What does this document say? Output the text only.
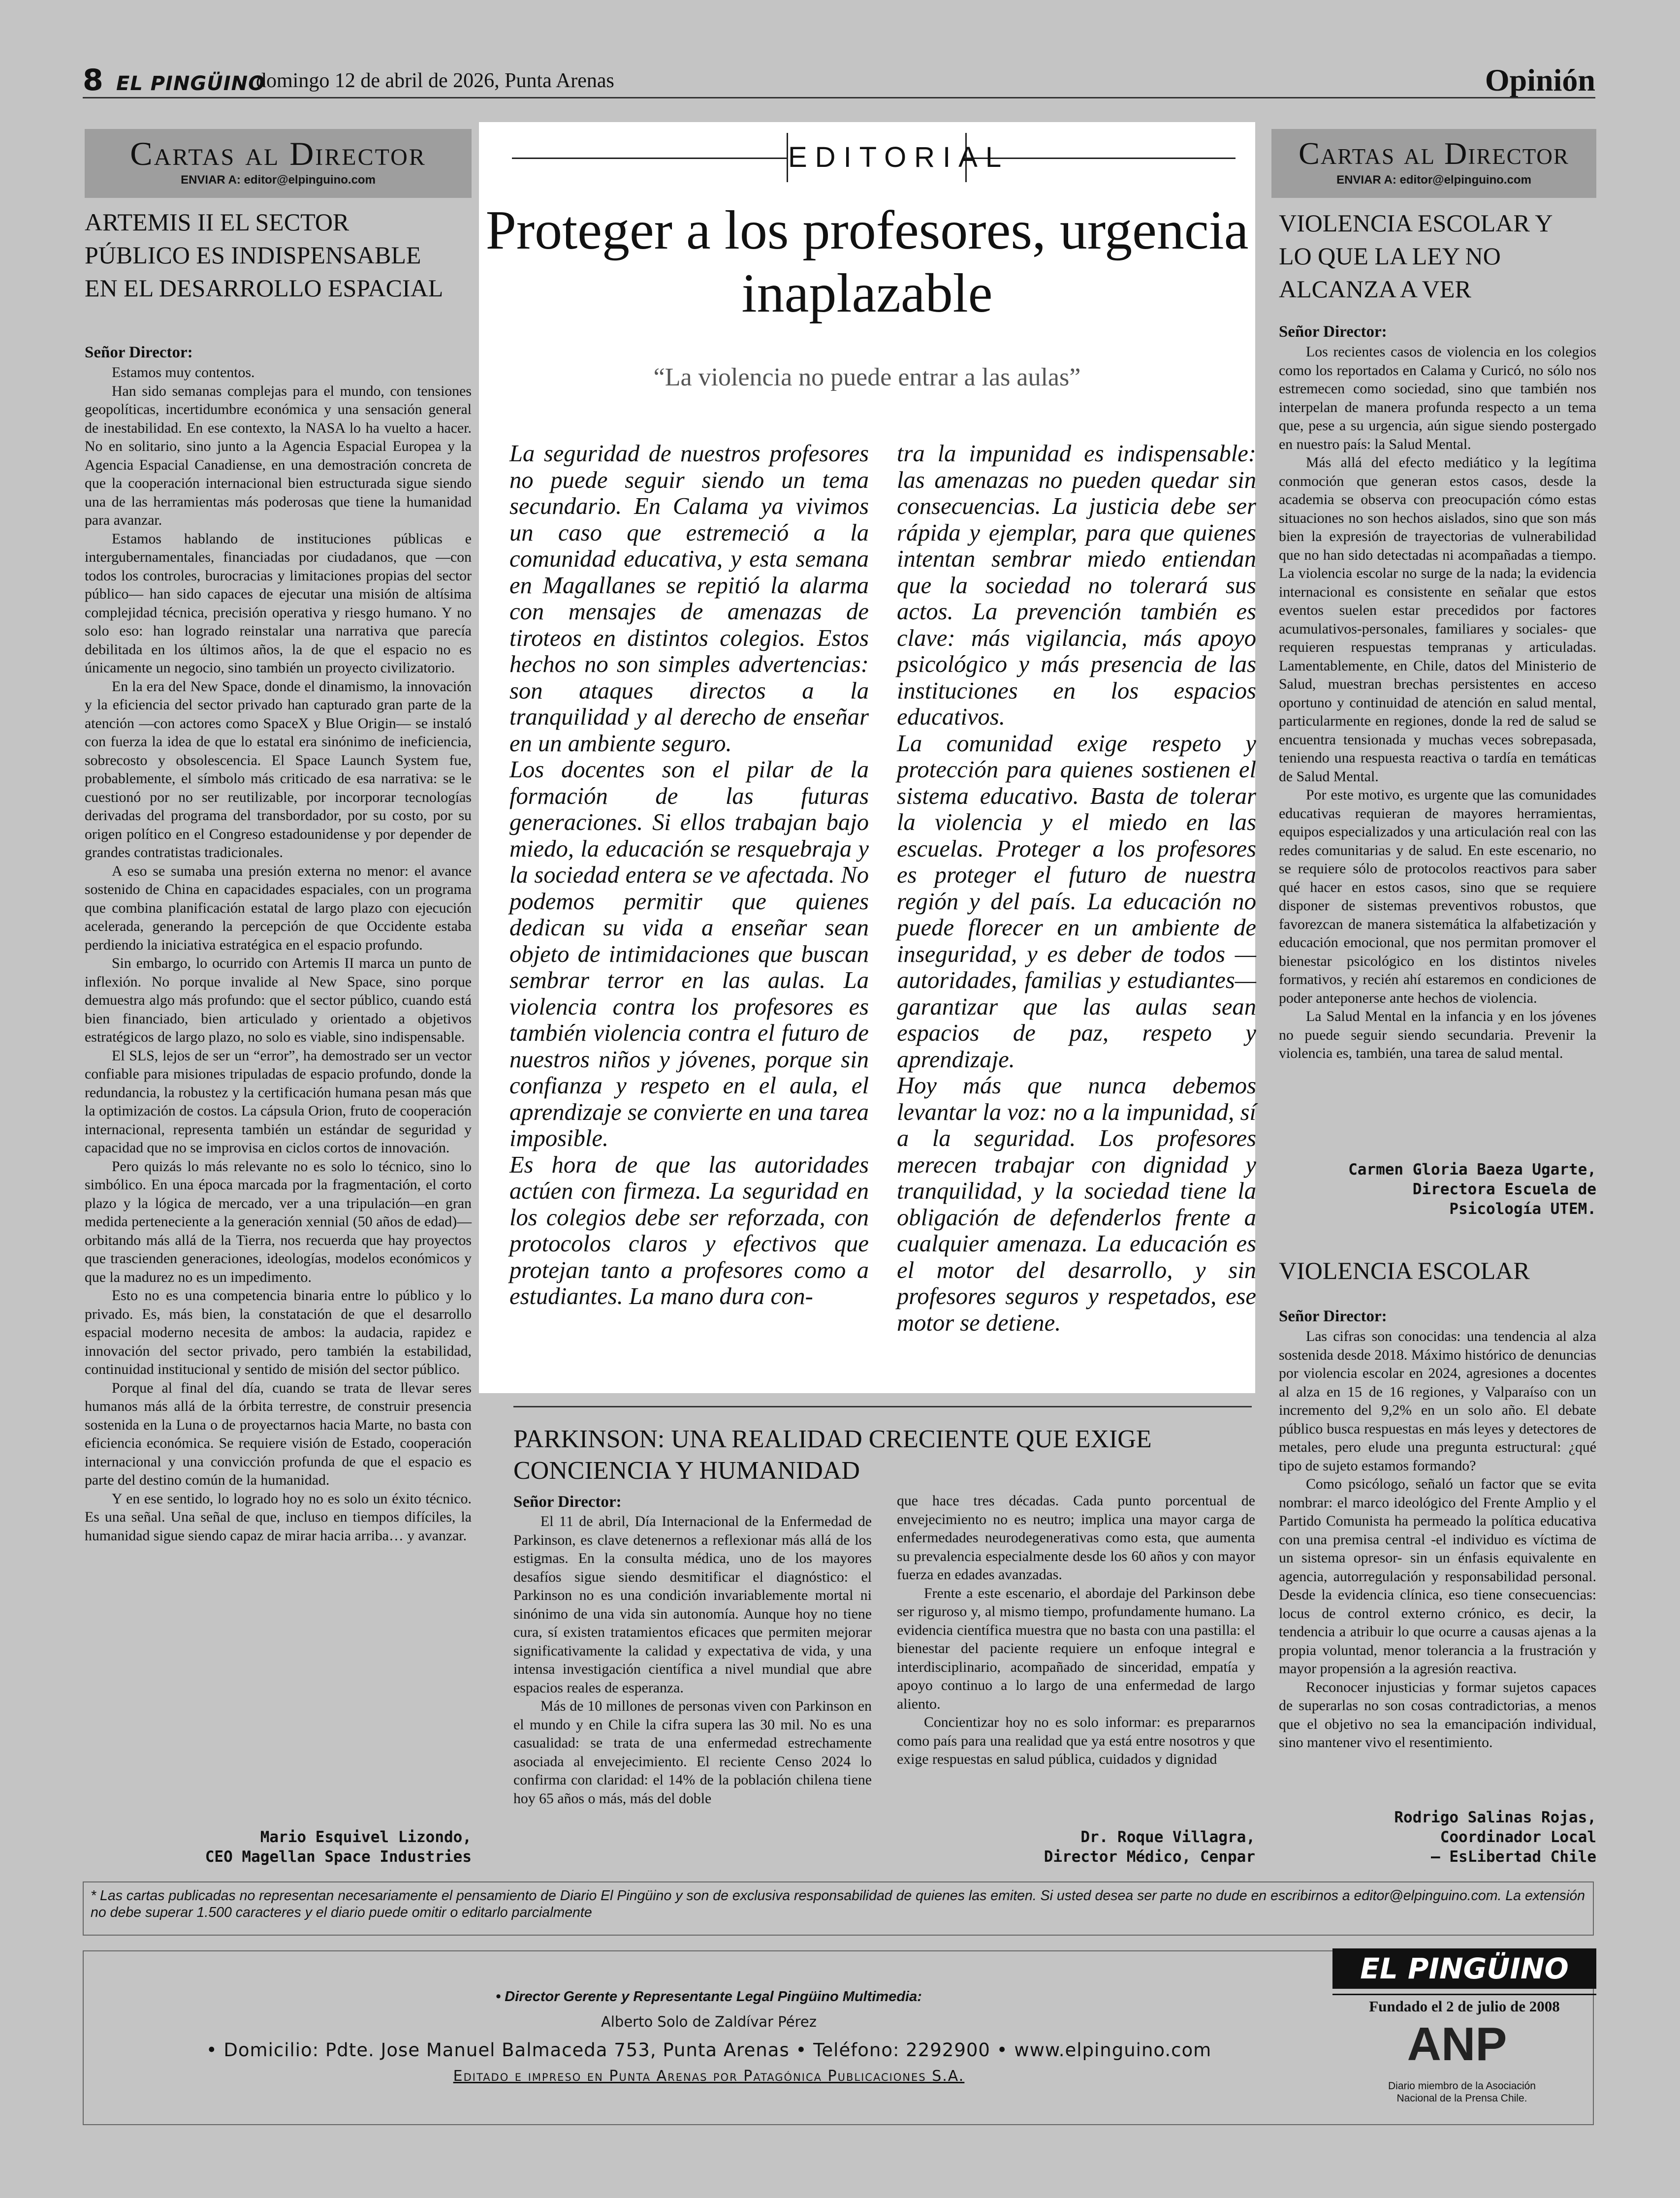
8 EL PINGÜINO
domingo 12 de abril de 2026, Punta Arenas	Opinión
Cartas al Director
ENVIAR A: editor@elpinguino.com
ARTEMIS II EL SECTOR PÚBLICO ES INDISPENSABLE EN EL DESARROLLO ESPACIAL
Señor Director:

Estamos muy contentos.

Han sido semanas complejas para el mundo, con tensiones geopolíticas, incertidumbre económica y una sensación general de inestabilidad. En ese contexto, la NASA lo ha vuelto a hacer. No en solitario, sino junto a la Agencia Espacial Europea y la Agencia Espacial Canadiense, en una demostración concreta de que la cooperación internacional bien estructurada sigue siendo una de las herramientas más poderosas que tiene la humanidad para avanzar.

Estamos hablando de instituciones públicas e intergubernamentales, financiadas por ciudadanos, que —con todos los controles, burocracias y limitaciones propias del sector público— han sido capaces de ejecutar una misión de altísima complejidad técnica, precisión operativa y riesgo humano. Y no solo eso: han logrado reinstalar una narrativa que parecía debilitada en los últimos años, la de que el espacio no es únicamente un negocio, sino también un proyecto civilizatorio.

En la era del New Space, donde el dinamismo, la innovación y la eficiencia del sector privado han capturado gran parte de la atención —con actores como SpaceX y Blue Origin— se instaló con fuerza la idea de que lo estatal era sinónimo de ineficiencia, sobrecosto y obsolescencia. El Space Launch System fue, probablemente, el símbolo más criticado de esa narrativa: se le cuestionó por no ser reutilizable, por incorporar tecnologías derivadas del programa del transbordador, por su costo, por su origen político en el Congreso estadounidense y por depender de grandes contratistas tradicionales.

A eso se sumaba una presión externa no menor: el avance sostenido de China en capacidades espaciales, con un programa que combina planificación estatal de largo plazo con ejecución acelerada, generando la percepción de que Occidente estaba perdiendo la iniciativa estratégica en el espacio profundo.

Sin embargo, lo ocurrido con Artemis II marca un punto de inflexión. No porque invalide al New Space, sino porque demuestra algo más profundo: que el sector público, cuando está bien financiado, bien articulado y orientado a objetivos estratégicos de largo plazo, no solo es viable, sino indispensable.

El SLS, lejos de ser un “error”, ha demostrado ser un vector confiable para misiones tripuladas de espacio profundo, donde la redundancia, la robustez y la certificación humana pesan más que la optimización de costos. La cápsula Orion, fruto de cooperación internacional, representa también un estándar de seguridad y capacidad que no se improvisa en ciclos cortos de innovación.

Pero quizás lo más relevante no es solo lo técnico, sino lo simbólico. En una época marcada por la fragmentación, el corto plazo y la lógica de mercado, ver a una tripulación—en gran medida perteneciente a la generación xennial (50 años de edad)— orbitando más allá de la Tierra, nos recuerda que hay proyectos que trascienden generaciones, ideologías, modelos económicos y que la madurez no es un impedimento.

Esto no es una competencia binaria entre lo público y lo privado. Es, más bien, la constatación de que el desarrollo espacial moderno necesita de ambos: la audacia, rapidez e innovación del sector privado, pero también la estabilidad, continuidad institucional y sentido de misión del sector público.

Porque al final del día, cuando se trata de llevar seres humanos más allá de la órbita terrestre, de construir presencia sostenida en la Luna o de proyectarnos hacia Marte, no basta con eficiencia económica. Se requiere visión de Estado, cooperación internacional y una convicción profunda de que el espacio es parte del destino común de la humanidad.

Y en ese sentido, lo logrado hoy no es solo un éxito técnico. Es una señal. Una señal de que, incluso en tiempos difíciles, la humanidad sigue siendo capaz de mirar hacia arriba… y avanzar.

Mario Esquivel Lizondo,
CEO Magellan Space Industries
EDITORIAL
Proteger a los profesores, urgencia inaplazable
“La violencia no puede entrar a las aulas”

La seguridad de nuestros profesores no puede seguir siendo un tema secundario. En Calama ya vivimos un caso que estremeció a la comunidad educativa, y esta semana en Magallanes se repitió la alarma con mensajes de amenazas de tiroteos en distintos colegios. Estos hechos no son simples advertencias: son ataques directos a la tranquilidad y al derecho de enseñar en un ambiente seguro.

Los docentes son el pilar de la formación de las futuras generaciones. Si ellos trabajan bajo miedo, la educación se resquebraja y la sociedad entera se ve afectada. No podemos permitir que quienes dedican su vida a enseñar sean objeto de intimidaciones que buscan sembrar terror en las aulas. La violencia contra los profesores es también violencia contra el futuro de nuestros niños y jóvenes, porque sin confianza y respeto en el aula, el aprendizaje se convierte en una tarea imposible.

Es hora de que las autoridades actúen con firmeza. La seguridad en los colegios debe ser reforzada, con protocolos claros y efectivos que protejan tanto a profesores como a estudiantes. La mano dura con-

tra la impunidad es indispensable: las amenazas no pueden quedar sin consecuencias. La justicia debe ser rápida y ejemplar, para que quienes intentan sembrar miedo entiendan que la sociedad no tolerará sus actos. La prevención también es clave: más vigilancia, más apoyo psicológico y más presencia de las instituciones en los espacios educativos.

La comunidad exige respeto y protección para quienes sostienen el sistema educativo. Basta de tolerar la violencia y el miedo en las escuelas. Proteger a los profesores es proteger el futuro de nuestra región y del país. La educación no puede florecer en un ambiente de inseguridad, y es deber de todos —autoridades, familias y estudiantes— garantizar que las aulas sean espacios de paz, respeto y aprendizaje.

Hoy más que nunca debemos levantar la voz: no a la impunidad, sí a la seguridad. Los profesores merecen trabajar con dignidad y tranquilidad, y la sociedad tiene la obligación de defenderlos frente a cualquier amenaza. La educación es el motor del desarrollo, y sin profesores seguros y respetados, ese motor se detiene.

PARKINSON: UNA REALIDAD CRECIENTE QUE EXIGE CONCIENCIA Y HUMANIDAD
Señor Director:

El 11 de abril, Día Internacional de la Enfermedad de Parkinson, es clave detenernos a reflexionar más allá de los estigmas. En la consulta médica, uno de los mayores desafíos sigue siendo desmitificar el diagnóstico: el Parkinson no es una condición invariablemente mortal ni sinónimo de una vida sin autonomía. Aunque hoy no tiene cura, sí existen tratamientos eficaces que permiten mejorar significativamente la calidad y expectativa de vida, y una intensa investigación científica a nivel mundial que abre espacios reales de esperanza.

Más de 10 millones de personas viven con Parkinson en el mundo y en Chile la cifra supera las 30 mil. No es una casualidad: se trata de una enfermedad estrechamente asociada al envejecimiento. El reciente Censo 2024 lo confirma con claridad: el 14% de la población chilena tiene hoy 65 años o más, más del doble

que hace tres décadas. Cada punto porcentual de envejecimiento no es neutro; implica una mayor carga de enfermedades neurodegenerativas como esta, que aumenta su prevalencia especialmente desde los 60 años y con mayor fuerza en edades avanzadas.

Frente a este escenario, el abordaje del Parkinson debe ser riguroso y, al mismo tiempo, profundamente humano. La evidencia científica muestra que no basta con una pastilla: el bienestar del paciente requiere un enfoque integral e interdisciplinario, acompañado de sinceridad, empatía y apoyo continuo a lo largo de una enfermedad de largo aliento.

Concientizar hoy no es solo informar: es prepararnos como país para una realidad que ya está entre nosotros y que exige respuestas en salud pública, cuidados y dignidad

Dr. Roque Villagra,
Director Médico, Cenpar
Cartas al Director
ENVIAR A: editor@elpinguino.com
VIOLENCIA ESCOLAR Y LO QUE LA LEY NO ALCANZA A VER
Señor Director:

Los recientes casos de violencia en los colegios como los reportados en Calama y Curicó, no sólo nos estremecen como sociedad, sino que también nos interpelan de manera profunda respecto a un tema que, pese a su urgencia, aún sigue siendo postergado en nuestro país: la Salud Mental.

Más allá del efecto mediático y la legítima conmoción que generan estos casos, desde la academia se observa con preocupación cómo estas situaciones no son hechos aislados, sino que son más bien la expresión de trayectorias de vulnerabilidad que no han sido detectadas ni acompañadas a tiempo. La violencia escolar no surge de la nada; la evidencia internacional es consistente en señalar que estos eventos suelen estar precedidos por factores acumulativos-personales, familiares y sociales- que requieren respuestas tempranas y articuladas. Lamentablemente, en Chile, datos del Ministerio de Salud, muestran brechas persistentes en acceso oportuno y continuidad de atención en salud mental, particularmente en regiones, donde la red de salud se encuentra tensionada y muchas veces sobrepasada, teniendo una respuesta reactiva o tardía en temáticas de Salud Mental.

Por este motivo, es urgente que las comunidades educativas requieran de mayores herramientas, equipos especializados y una articulación real con las redes comunitarias y de salud. En este escenario, no se requiere sólo de protocolos reactivos para saber qué hacer en estos casos, sino que se requiere disponer de sistemas preventivos robustos, que favorezcan de manera sistemática la alfabetización y educación emocional, que nos permitan promover el bienestar psicológico en los distintos niveles formativos, y recién ahí estaremos en condiciones de poder anteponerse ante hechos de violencia.

La Salud Mental en la infancia y en los jóvenes no puede seguir siendo secundaria. Prevenir la violencia es, también, una tarea de salud mental.

Carmen Gloria Baeza Ugarte,
Directora Escuela de
Psicología UTEM.
VIOLENCIA ESCOLAR
Señor Director:

Las cifras son conocidas: una tendencia al alza sostenida desde 2018. Máximo histórico de denuncias por violencia escolar en 2024, agresiones a docentes al alza en 15 de 16 regiones, y Valparaíso con un incremento del 9,2% en un solo año. El debate público busca respuestas en más leyes y detectores de metales, pero elude una pregunta estructural: ¿qué tipo de sujeto estamos formando?

Como psicólogo, señaló un factor que se evita nombrar: el marco ideológico del Frente Amplio y el Partido Comunista ha permeado la política educativa con una premisa central -el individuo es víctima de un sistema opresor- sin un énfasis equivalente en agencia, autorregulación y responsabilidad personal. Desde la evidencia clínica, eso tiene consecuencias: locus de control externo crónico, es decir, la tendencia a atribuir lo que ocurre a causas ajenas a la propia voluntad, menor tolerancia a la frustración y mayor propensión a la agresión reactiva.

Reconocer injusticias y formar sujetos capaces de superarlas no son cosas contradictorias, a menos que el objetivo no sea la emancipación individual, sino mantener vivo el resentimiento.

Rodrigo Salinas Rojas,
Coordinador Local
– EsLibertad Chile
* Las cartas publicadas no representan necesariamente el pensamiento de Diario El Pingüino y son de exclusiva responsabilidad de quienes las emiten. Si usted desea ser parte no dude en escribirnos a editor@elpinguino.com. La extensión no debe superar 1.500 caracteres y el diario puede omitir o editarlo parcialmente
• Director Gerente y Representante Legal Pingüino Multimedia:
Alberto Solo de Zaldívar Pérez
• Domicilio: Pdte. Jose Manuel Balmaceda 753, Punta Arenas • Teléfono: 2292900 • www.elpinguino.com
Editado e impreso en Punta Arenas por Patagónica Publicaciones S.A.
EL PINGÜINO
Fundado el 2 de julio de 2008
ANP
Diario miembro de la Asociación
Nacional de la Prensa Chile.
